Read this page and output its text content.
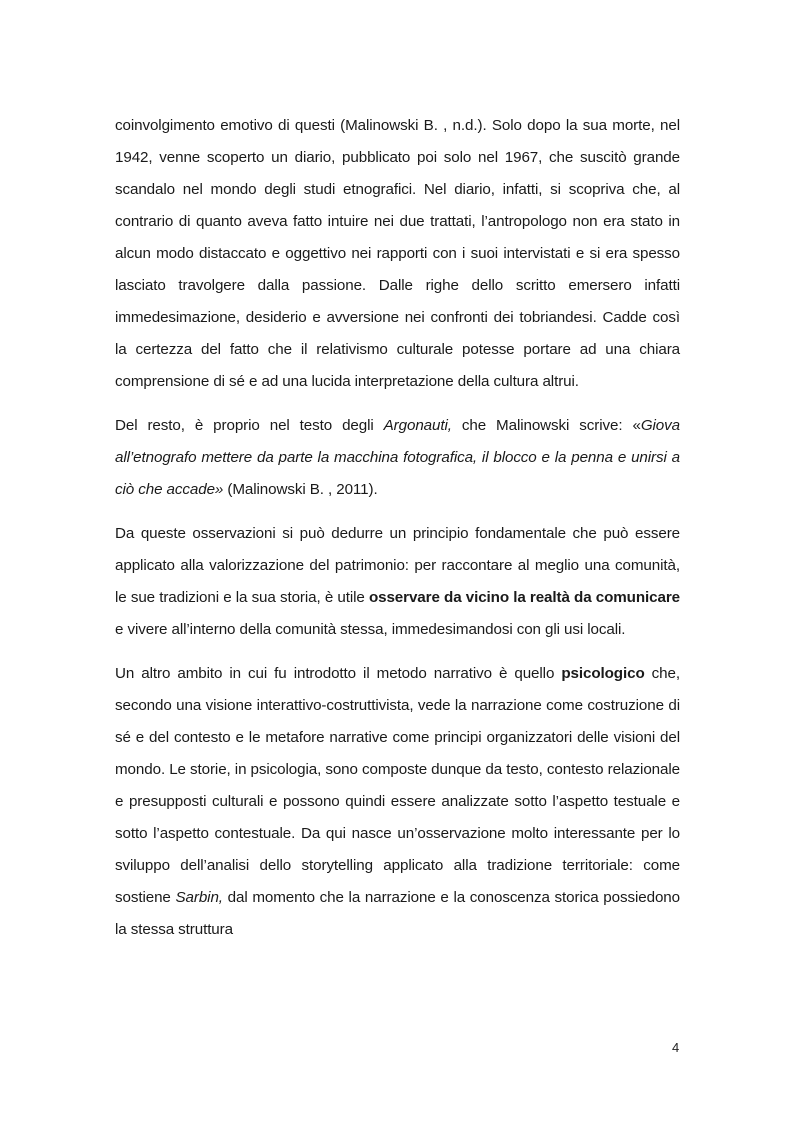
coinvolgimento emotivo di questi (Malinowski B. , n.d.). Solo dopo la sua morte, nel 1942, venne scoperto un diario, pubblicato poi solo nel 1967, che suscitò grande scandalo nel mondo degli studi etnografici. Nel diario, infatti, si scopriva che, al contrario di quanto aveva fatto intuire nei due trattati, l’antropologo non era stato in alcun modo distaccato e oggettivo nei rapporti con i suoi intervistati e si era spesso lasciato travolgere dalla passione. Dalle righe dello scritto emersero infatti immedesimazione, desiderio e avversione nei confronti dei tobriandesi. Cadde così la certezza del fatto che il relativismo culturale potesse portare ad una chiara comprensione di sé e ad una lucida interpretazione della cultura altrui.

Del resto, è proprio nel testo degli Argonauti, che Malinowski scrive: «Giova all’etnografo mettere da parte la macchina fotografica, il blocco e la penna e unirsi a ciò che accade» (Malinowski B. , 2011).

Da queste osservazioni si può dedurre un principio fondamentale che può essere applicato alla valorizzazione del patrimonio: per raccontare al meglio una comunità, le sue tradizioni e la sua storia, è utile osservare da vicino la realtà da comunicare e vivere all’interno della comunità stessa, immedesimandosi con gli usi locali.

Un altro ambito in cui fu introdotto il metodo narrativo è quello psicologico che, secondo una visione interattivo-costruttivista, vede la narrazione come costruzione di sé e del contesto e le metafore narrative come principi organizzatori delle visioni del mondo. Le storie, in psicologia, sono composte dunque da testo, contesto relazionale e presupposti culturali e possono quindi essere analizzate sotto l’aspetto testuale e sotto l’aspetto contestuale. Da qui nasce un’osservazione molto interessante per lo sviluppo dell’analisi dello storytelling applicato alla tradizione territoriale: come sostiene Sarbin, dal momento che la narrazione e la conoscenza storica possiedono la stessa struttura

4
